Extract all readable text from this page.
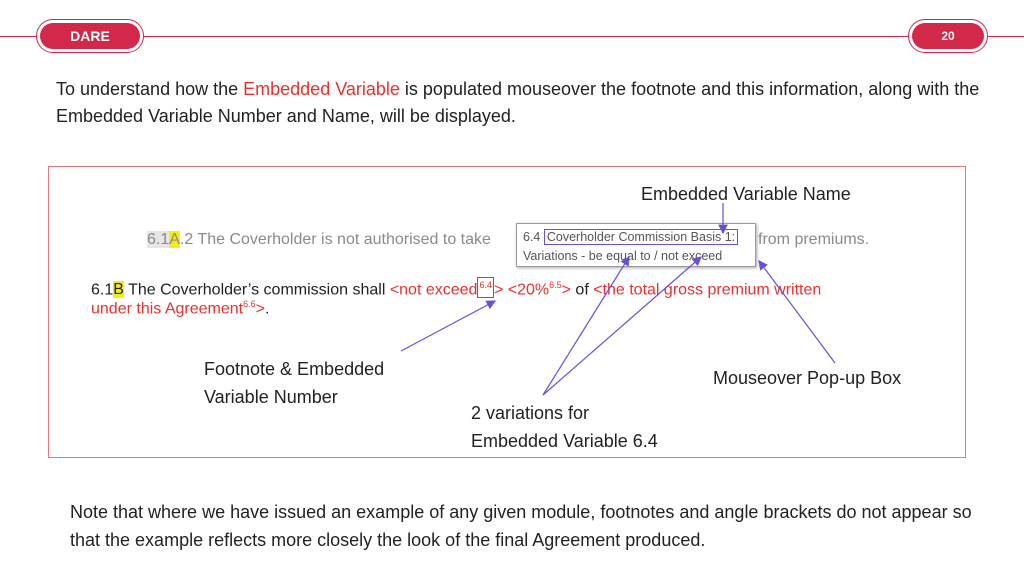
DARE	20
To understand how the Embedded Variable is populated mouseover the footnote and this information, along with the Embedded Variable Number and Name, will be displayed.
6.1A.2 The Coverholder is not authorised to take	from premiums.
6.1B The Coverholder’s commission shall <not exceed $^{6.4}$ > <20%$^{6.5}$> of <the total gross premium written
under this Agreement$^{6.6}$>.
6.4 Coverholder Commission Basis 1:
Variations - be equal to / not exceed
Embedded Variable Name
Footnote & Embedded
Variable Number
2 variations for
Embedded Variable 6.4
Mouseover Pop-up Box
Note that where we have issued an example of any given module, footnotes and angle brackets do not appear so that the example reflects more closely the look of the final Agreement produced.
